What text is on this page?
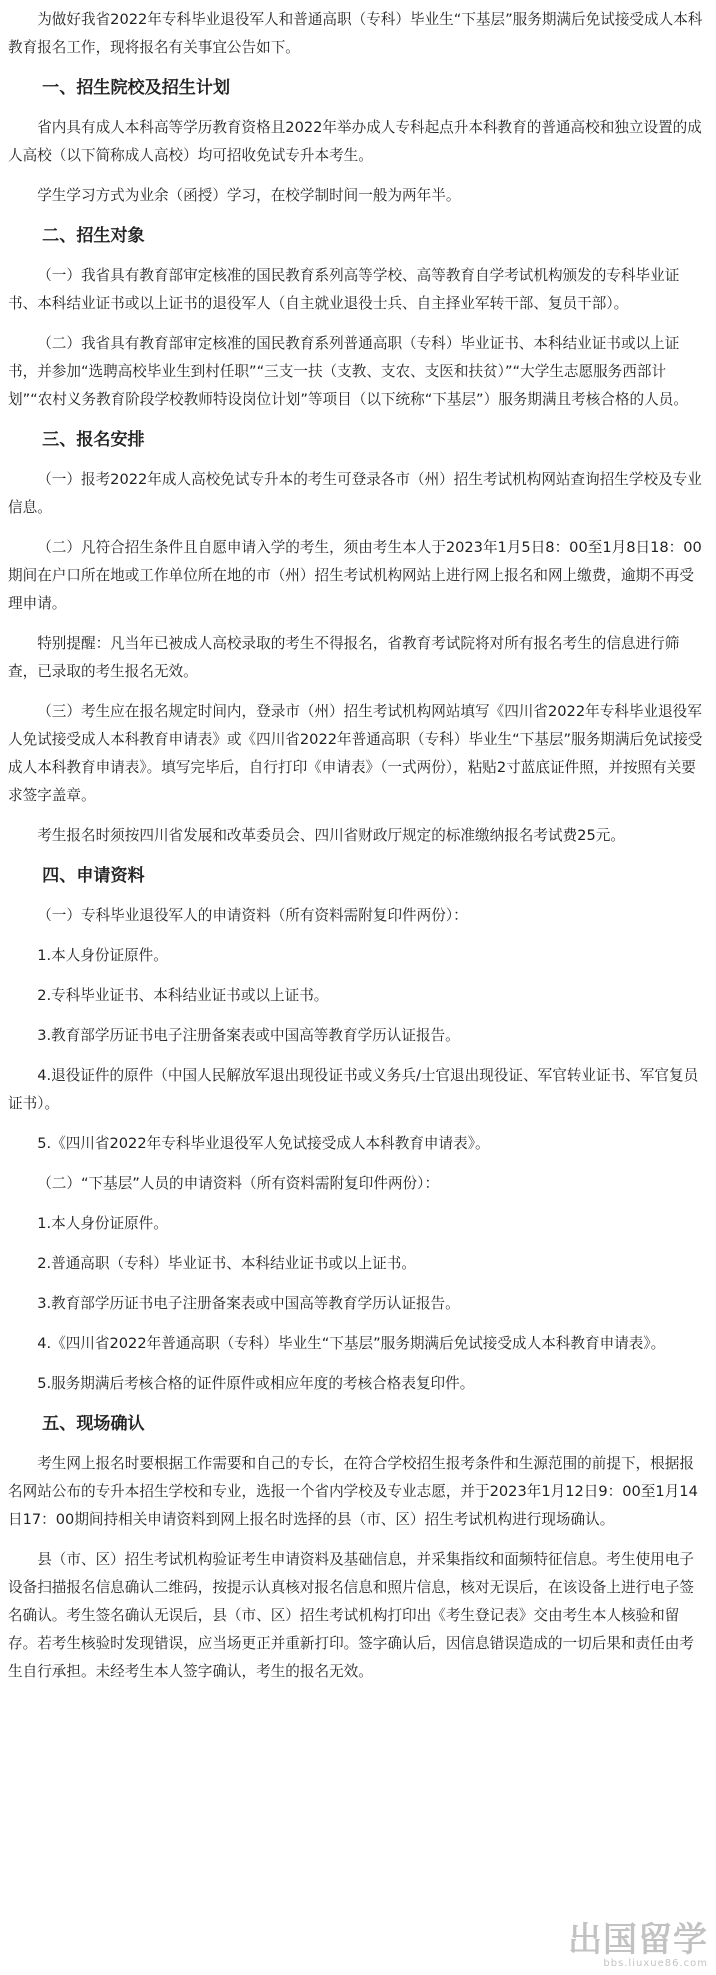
为做好我省2022年专科毕业退役军人和普通高职（专科）毕业生“下基层”服务期满后免试接受成人本科教育报名工作，现将报名有关事宜公告如下。

一、招生院校及招生计划

省内具有成人本科高等学历教育资格且2022年举办成人专科起点升本科教育的普通高校和独立设置的成人高校（以下简称成人高校）均可招收免试专升本考生。

学生学习方式为业余（函授）学习，在校学制时间一般为两年半。

二、招生对象

（一）我省具有教育部审定核准的国民教育系列高等学校、高等教育自学考试机构颁发的专科毕业证书、本科结业证书或以上证书的退役军人（自主就业退役士兵、自主择业军转干部、复员干部）。

（二）我省具有教育部审定核准的国民教育系列普通高职（专科）毕业证书、本科结业证书或以上证书，并参加“选聘高校毕业生到村任职”“三支一扶（支教、支农、支医和扶贫）”“大学生志愿服务西部计划”“农村义务教育阶段学校教师特设岗位计划”等项目（以下统称“下基层”）服务期满且考核合格的人员。

三、报名安排

（一）报考2022年成人高校免试专升本的考生可登录各市（州）招生考试机构网站查询招生学校及专业信息。

（二）凡符合招生条件且自愿申请入学的考生，须由考生本人于2023年1月5日8：00至1月8日18：00期间在户口所在地或工作单位所在地的市（州）招生考试机构网站上进行网上报名和网上缴费，逾期不再受理申请。

特别提醒：凡当年已被成人高校录取的考生不得报名，省教育考试院将对所有报名考生的信息进行筛查，已录取的考生报名无效。

（三）考生应在报名规定时间内，登录市（州）招生考试机构网站填写《四川省2022年专科毕业退役军人免试接受成人本科教育申请表》或《四川省2022年普通高职（专科）毕业生“下基层”服务期满后免试接受成人本科教育申请表》。填写完毕后，自行打印《申请表》（一式两份），粘贴2寸蓝底证件照，并按照有关要求签字盖章。

考生报名时须按四川省发展和改革委员会、四川省财政厅规定的标准缴纳报名考试费25元。

四、申请资料

（一）专科毕业退役军人的申请资料（所有资料需附复印件两份）：

1.本人身份证原件。

2.专科毕业证书、本科结业证书或以上证书。

3.教育部学历证书电子注册备案表或中国高等教育学历认证报告。

4.退役证件的原件（中国人民解放军退出现役证书或义务兵/士官退出现役证、军官转业证书、军官复员证书）。

5.《四川省2022年专科毕业退役军人免试接受成人本科教育申请表》。

（二）“下基层”人员的申请资料（所有资料需附复印件两份）：

1.本人身份证原件。

2.普通高职（专科）毕业证书、本科结业证书或以上证书。

3.教育部学历证书电子注册备案表或中国高等教育学历认证报告。

4.《四川省2022年普通高职（专科）毕业生“下基层”服务期满后免试接受成人本科教育申请表》。

5.服务期满后考核合格的证件原件或相应年度的考核合格表复印件。

五、现场确认

考生网上报名时要根据工作需要和自己的专长，在符合学校招生报考条件和生源范围的前提下，根据报名网站公布的专升本招生学校和专业，选报一个省内学校及专业志愿，并于2023年1月12日9：00至1月14日17：00期间持相关申请资料到网上报名时选择的县（市、区）招生考试机构进行现场确认。

县（市、区）招生考试机构验证考生申请资料及基础信息，并采集指纹和面频特征信息。考生使用电子设备扫描报名信息确认二维码，按提示认真核对报名信息和照片信息，核对无误后，在该设备上进行电子签名确认。考生签名确认无误后，县（市、区）招生考试机构打印出《考生登记表》交由考生本人核验和留存。若考生核验时发现错误，应当场更正并重新打印。签字确认后，因信息错误造成的一切后果和责任由考生自行承担。未经考生本人签字确认，考生的报名无效。

出国留学
bbs.liuxue86.com
